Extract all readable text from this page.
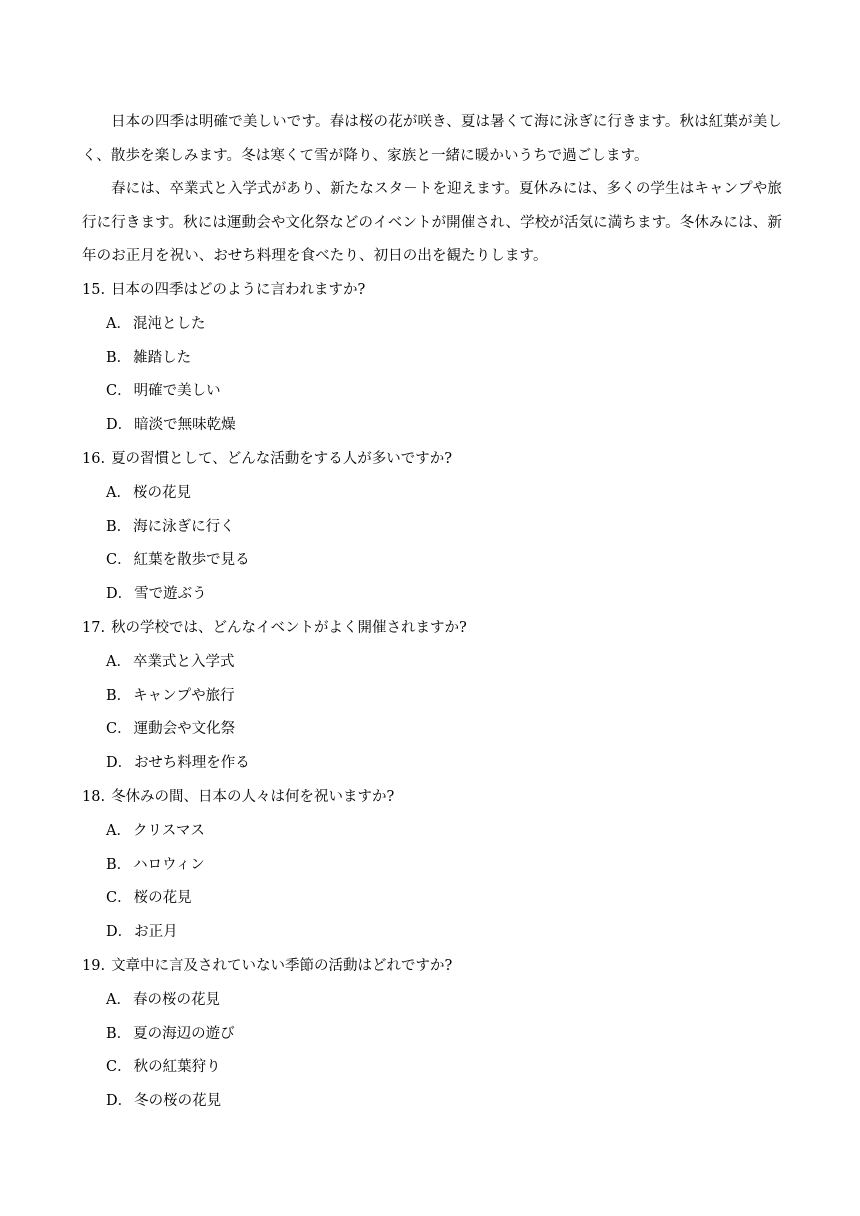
日本の四季は明確で美しいです。春は桜の花が咲き、夏は暑くて海に泳ぎに行きます。秋は紅葉が美しく、散歩を楽しみます。冬は寒くて雪が降り、家族と一緒に暖かいうちで過ごします。

春には、卒業式と入学式があり、新たなスタ－トを迎えます。夏休みには、多くの学生はキャンプや旅行に行きます。秋には運動会や文化祭などのイベントが開催され、学校が活気に満ちます。冬休みには、新年のお正月を祝い、おせち料理を食べたり、初日の出を観たりします。

15. 日本の四季はどのように言われますか?
A． 混沌とした
B． 雑踏した
C． 明確で美しい
D． 暗淡で無味乾燥
16. 夏の習慣として、どんな活動をする人が多いですか?
A． 桜の花見
B． 海に泳ぎに行く
C． 紅葉を散歩で見る
D． 雪で遊ぶう
17. 秋の学校では、どんなイベントがよく開催されますか?
A． 卒業式と入学式
B． キャンプや旅行
C． 運動会や文化祭
D． おせち料理を作る
18. 冬休みの間、日本の人々は何を祝いますか?
A． クリスマス
B． ハロウィン
C． 桜の花見
D． お正月
19. 文章中に言及されていない季節の活動はどれですか?
A． 春の桜の花見
B． 夏の海辺の遊び
C． 秋の紅葉狩り
D． 冬の桜の花見
